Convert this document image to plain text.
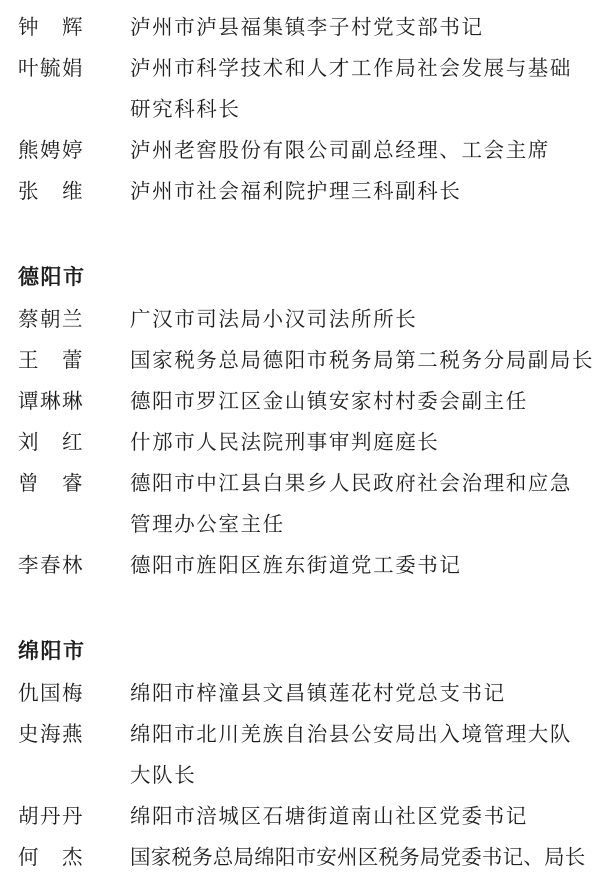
钟　辉 泸州市泸县福集镇李子村党支部书记
叶毓娟 泸州市科学技术和人才工作局社会发展与基础
研究科科长
熊娉婷 泸州老窖股份有限公司副总经理、工会主席
张　维 泸州市社会福利院护理三科副科长
德阳市
蔡朝兰 广汉市司法局小汉司法所所长
王　蕾 国家税务总局德阳市税务局第二税务分局副局长
谭琳琳 德阳市罗江区金山镇安家村村委会副主任
刘　红 什邡市人民法院刑事审判庭庭长
曾　睿 德阳市中江县白果乡人民政府社会治理和应急
管理办公室主任
李春林 德阳市旌阳区旌东街道党工委书记
绵阳市
仇国梅 绵阳市梓潼县文昌镇莲花村党总支书记
史海燕 绵阳市北川羌族自治县公安局出入境管理大队
大队长
胡丹丹 绵阳市涪城区石塘街道南山社区党委书记
何　杰 国家税务总局绵阳市安州区税务局党委书记、局长
